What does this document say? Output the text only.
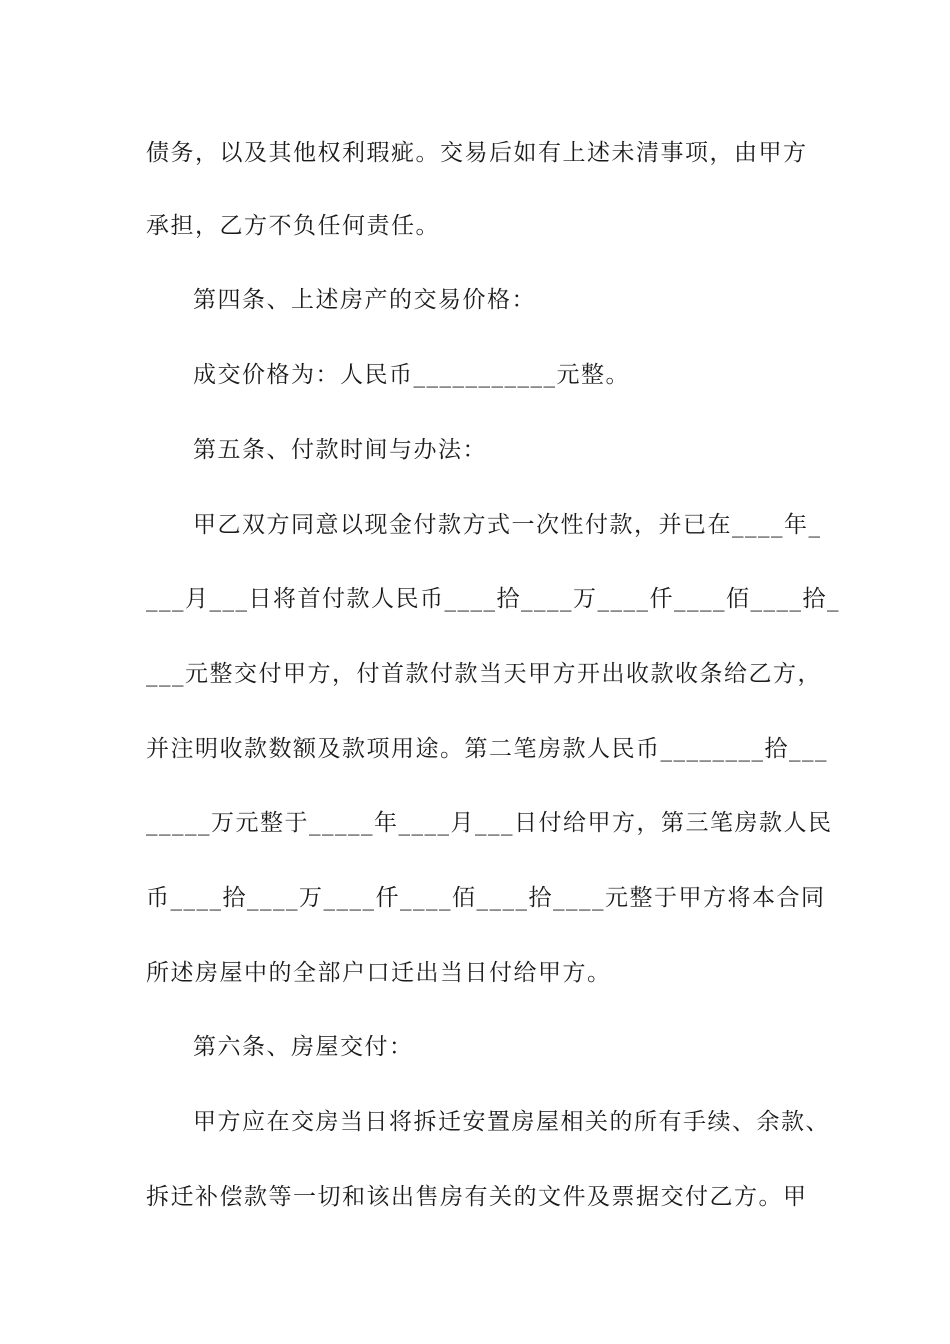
债务，以及其他权利瑕疵。交易后如有上述未清事项，由甲方
承担，乙方不负任何责任。
第四条、上述房产的交易价格：
成交价格为：人民币___________元整。
第五条、付款时间与办法：
甲乙双方同意以现金付款方式一次性付款，并已在____年_
___月___日将首付款人民币____拾____万____仟____佰____拾_
___元整交付甲方，付首款付款当天甲方开出收款收条给乙方，
并注明收款数额及款项用途。第二笔房款人民币________拾___
_____万元整于_____年____月___日付给甲方，第三笔房款人民
币____拾____万____仟____佰____拾____元整于甲方将本合同
所述房屋中的全部户口迁出当日付给甲方。
第六条、房屋交付：
甲方应在交房当日将拆迁安置房屋相关的所有手续、余款、
拆迁补偿款等一切和该出售房有关的文件及票据交付乙方。甲
